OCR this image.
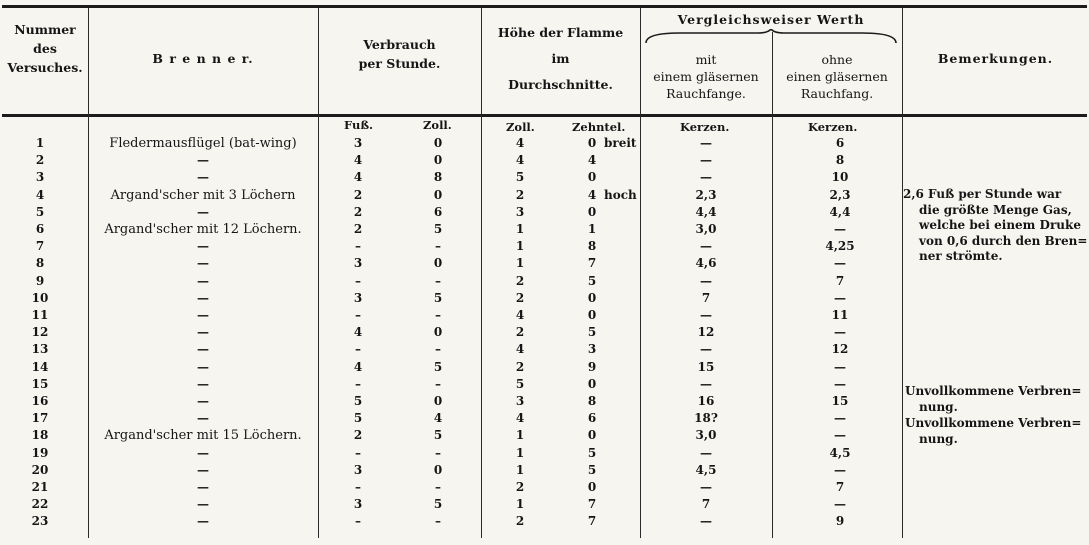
Nummer
des
Versuches.
B r e n n e r.
Verbrauch
per Stunde.
Höhe der Flamme
im
Durchschnitte.
Vergleichsweiser Werth
mit
einem gläsernen
Rauchfange.
ohne
einen gläsernen
Rauchfang.
Bemerkungen.
Fuß.	Zoll.	Zoll.	Zehntel.	Kerzen.	Kerzen.
1	Fledermausflügel (bat-wing)	3	0	4	0 breit	—	6
2	—	4	0	4	4	—	8
3	—	4	8	5	0	—	10
4	Argand'scher mit 3 Löchern	2	0	2	4 hoch	2,3	2,3
5	—	2	6	3	0	4,4	4,4
6	Argand'scher mit 12 Löchern.	2	5	1	1	3,0	—
7	—	–	–	1	8	—	4,25
8	—	3	0	1	7	4,6	—
9	—	–	–	2	5	—	7
10	—	3	5	2	0	7	—
11	—	–	–	4	0	—	11
12	—	4	0	2	5	12	—
13	—	–	–	4	3	—	12
14	—	4	5	2	9	15	—
15	—	–	–	5	0	—	—
16	—	5	0	3	8	16	15
17	—	5	4	4	6	18?	—
18	Argand'scher mit 15 Löchern.	2	5	1	0	3,0	—
19	—	–	–	1	5	—	4,5
20	—	3	0	1	5	4,5	—
21	—	–	–	2	0	—	7
22	—	3	5	1	7	7	—
23	—	–	–	2	7	—	9
2,6 Fuß per Stunde war
die größte Menge Gas,
welche bei einem Druke
von 0,6 durch den Bren=
ner strömte.
Unvollkommene Verbren=
nung.
Unvollkommene Verbren=
nung.
